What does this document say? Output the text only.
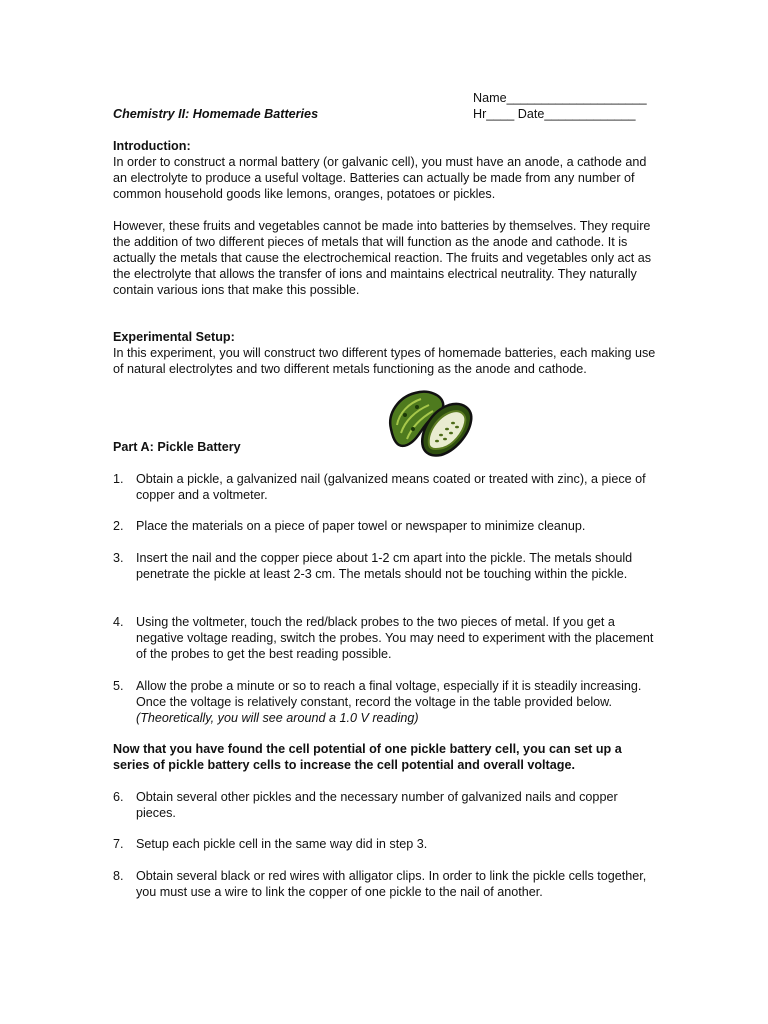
Name____________________
Hr____ Date_____________
Chemistry II: Homemade Batteries
Introduction:

In order to construct a normal battery (or galvanic cell), you must have an anode, a cathode and an electrolyte to produce a useful voltage. Batteries can actually be made from any number of common household goods like lemons, oranges, potatoes or pickles.

However, these fruits and vegetables cannot be made into batteries by themselves. They require the addition of two different pieces of metals that will function as the anode and cathode. It is actually the metals that cause the electrochemical reaction. The fruits and vegetables only act as the electrolyte that allows the transfer of ions and maintains electrical neutrality. They naturally contain various ions that make this possible.

Experimental Setup:

In this experiment, you will construct two different types of homemade batteries, each making use of natural electrolytes and two different metals functioning as the anode and cathode.

Part A: Pickle Battery
1. Obtain a pickle, a galvanized nail (galvanized means coated or treated with zinc), a piece of copper and a voltmeter.
2. Place the materials on a piece of paper towel or newspaper to minimize cleanup.
3. Insert the nail and the copper piece about 1-2 cm apart into the pickle. The metals should penetrate the pickle at least 2-3 cm. The metals should not be touching within the pickle.
4. Using the voltmeter, touch the red/black probes to the two pieces of metal. If you get a negative voltage reading, switch the probes. You may need to experiment with the placement of the probes to get the best reading possible.
5. Allow the probe a minute or so to reach a final voltage, especially if it is steadily increasing. Once the voltage is relatively constant, record the voltage in the table provided below. (Theoretically, you will see around a 1.0 V reading)
Now that you have found the cell potential of one pickle battery cell, you can set up a series of pickle battery cells to increase the cell potential and overall voltage.
6. Obtain several other pickles and the necessary number of galvanized nails and copper pieces.
7. Setup each pickle cell in the same way did in step 3.
8. Obtain several black or red wires with alligator clips. In order to link the pickle cells together, you must use a wire to link the copper of one pickle to the nail of another.
